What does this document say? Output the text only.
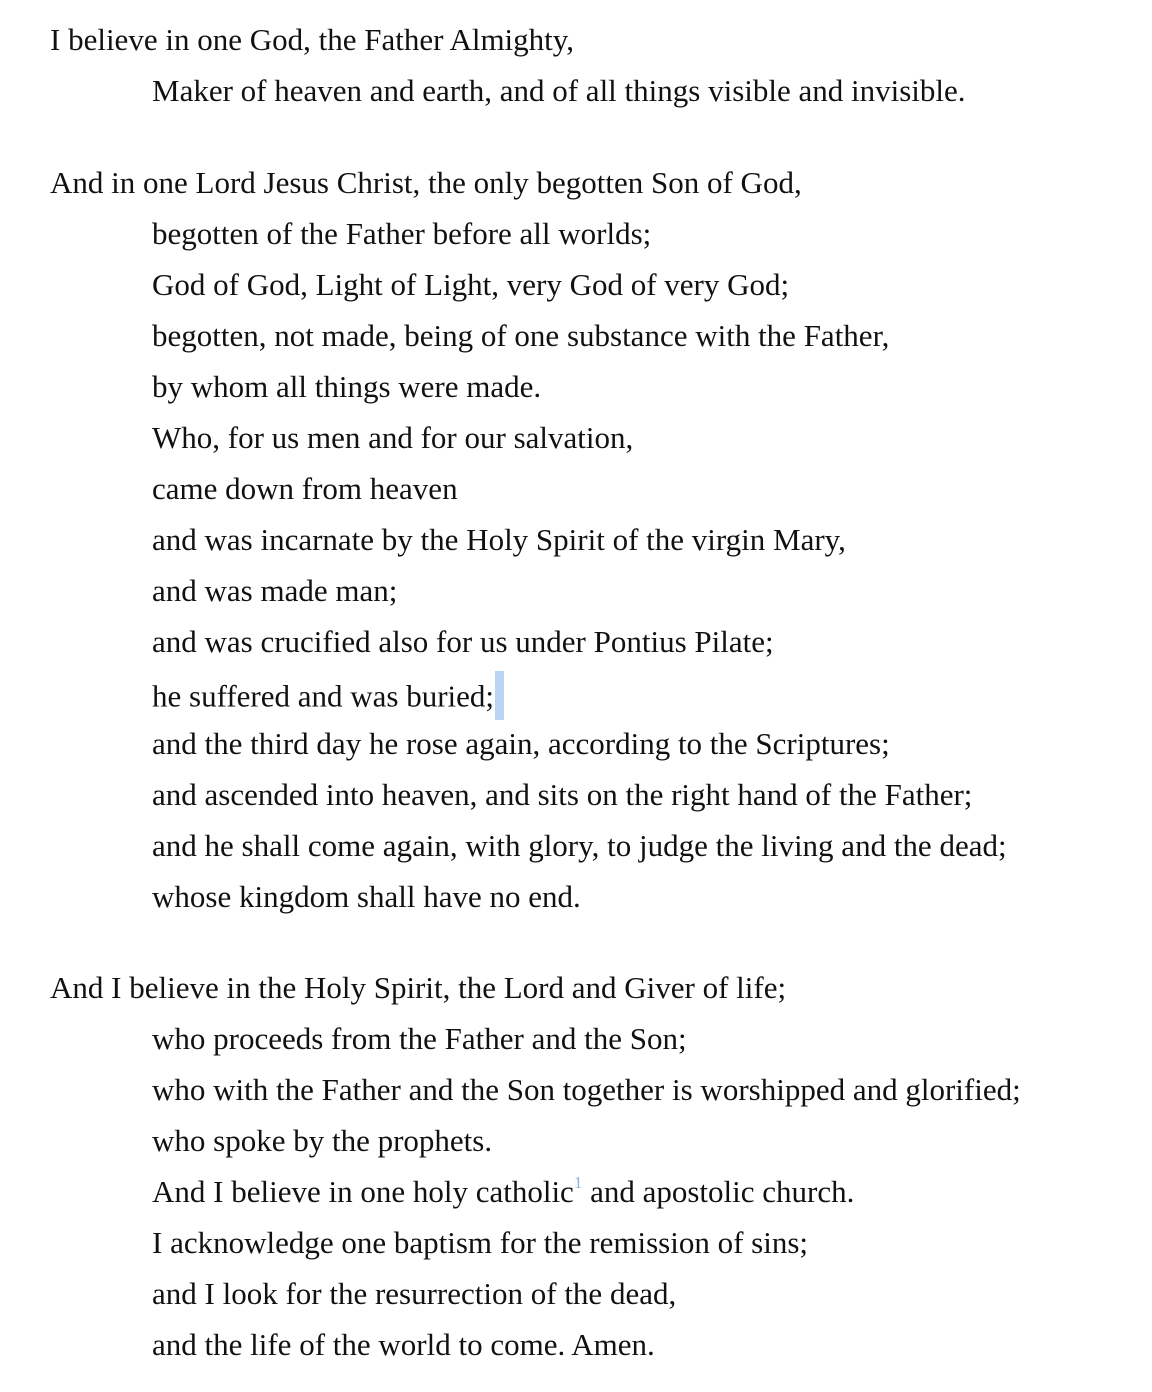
I believe in one God, the Father Almighty,
Maker of heaven and earth, and of all things visible and invisible.
And in one Lord Jesus Christ, the only begotten Son of God,
begotten of the Father before all worlds;
God of God, Light of Light, very God of very God;
begotten, not made, being of one substance with the Father,
by whom all things were made.
Who, for us men and for our salvation,
came down from heaven
and was incarnate by the Holy Spirit of the virgin Mary,
and was made man;
and was crucified also for us under Pontius Pilate;
he suffered and was buried;
and the third day he rose again, according to the Scriptures;
and ascended into heaven, and sits on the right hand of the Father;
and he shall come again, with glory, to judge the living and the dead;
whose kingdom shall have no end.
And I believe in the Holy Spirit, the Lord and Giver of life;
who proceeds from the Father and the Son;
who with the Father and the Son together is worshipped and glorified;
who spoke by the prophets.
And I believe in one holy catholic$^1$ and apostolic church.
I acknowledge one baptism for the remission of sins;
and I look for the resurrection of the dead,
and the life of the world to come. Amen.
